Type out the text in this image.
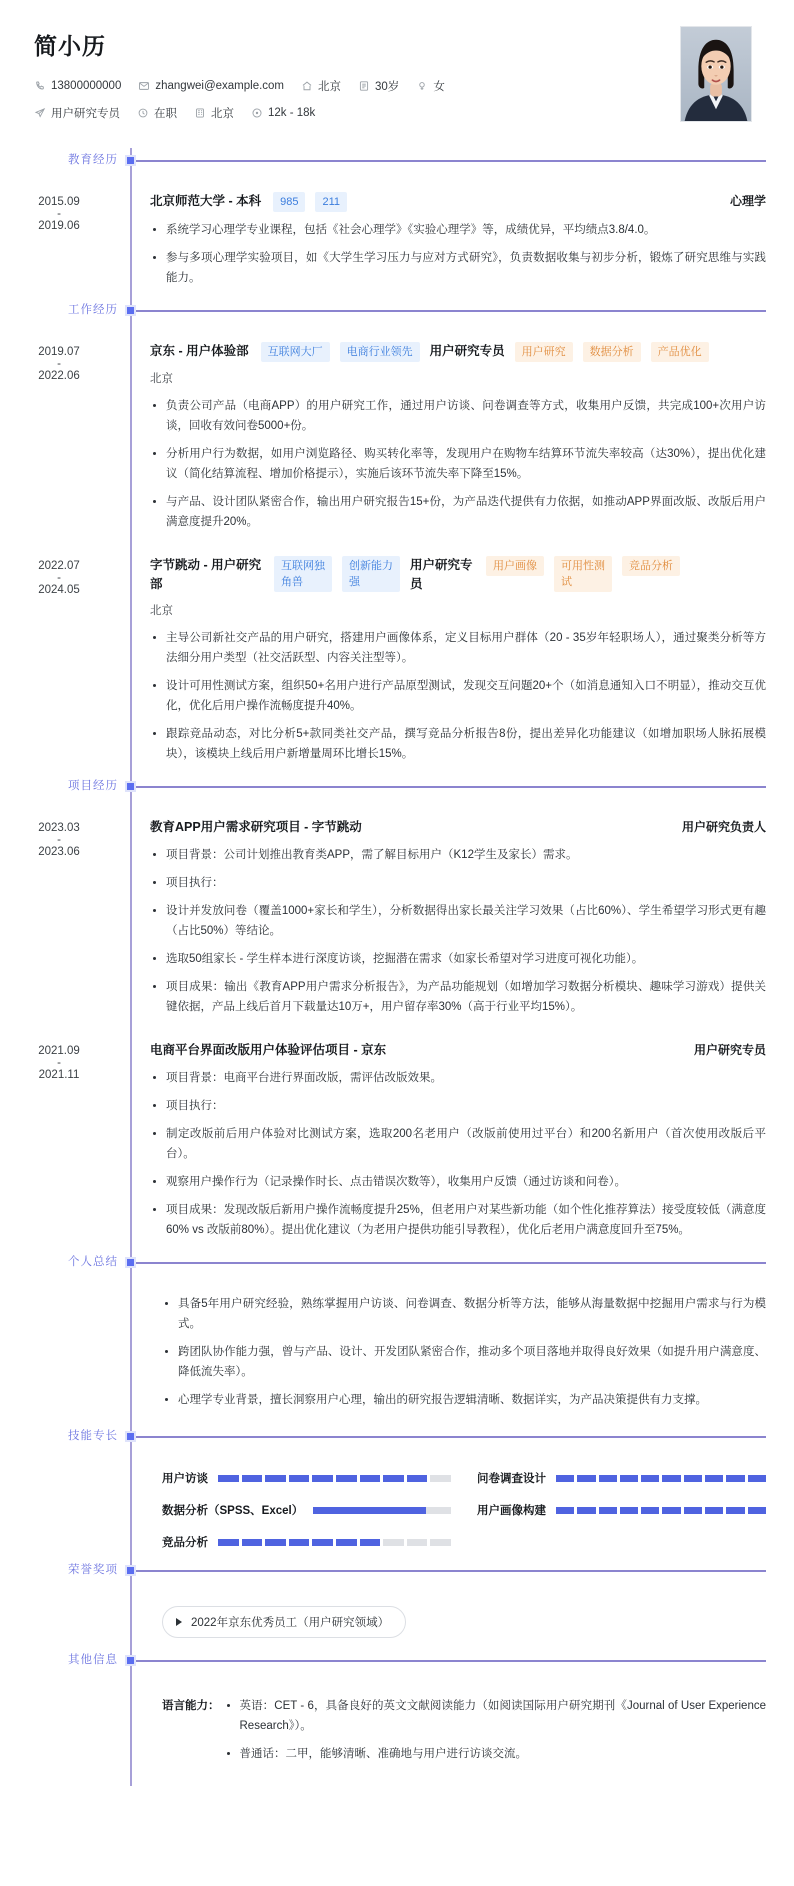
简小历
13800000000	zhangwei@example.com	北京	30岁	女
用户研究专员	在职	北京	12k - 18k
教育经历
2015.09
-
2019.06
北京师范大学 - 本科	985	211	心理学
系统学习心理学专业课程，包括《社会心理学》《实验心理学》等，成绩优异，平均绩点3.8/4.0。
参与多项心理学实验项目，如《大学生学习压力与应对方式研究》，负责数据收集与初步分析，锻炼了研究思维与实践能力。
工作经历
2019.07
-
2022.06
京东 - 用户体验部	互联网大厂	电商行业领先	用户研究专员	用户研究	数据分析	产品优化
北京
负责公司产品（电商APP）的用户研究工作，通过用户访谈、问卷调查等方式，收集用户反馈，共完成100+次用户访谈，回收有效问卷5000+份。
分析用户行为数据，如用户浏览路径、购买转化率等，发现用户在购物车结算环节流失率较高（达30%），提出优化建议（简化结算流程、增加价格提示），实施后该环节流失率下降至15%。
与产品、设计团队紧密合作，输出用户研究报告15+份，为产品迭代提供有力依据，如推动APP界面改版、改版后用户满意度提升20%。
2022.07
-
2024.05
字节跳动 - 用户研究部
互联网独角兽
创新能力强
用户研究专员
用户画像	可用性测试
竞品分析
北京
主导公司新社交产品的用户研究，搭建用户画像体系，定义目标用户群体（20 - 35岁年轻职场人），通过聚类分析等方法细分用户类型（社交活跃型、内容关注型等）。
设计可用性测试方案，组织50+名用户进行产品原型测试，发现交互问题20+个（如消息通知入口不明显），推动交互优化，优化后用户操作流畅度提升40%。
跟踪竞品动态，对比分析5+款同类社交产品，撰写竞品分析报告8份，提出差异化功能建议（如增加职场人脉拓展模块），该模块上线后用户新增量周环比增长15%。
项目经历
2023.03
-
2023.06
教育APP用户需求研究项目 - 字节跳动	用户研究负责人
项目背景：公司计划推出教育类APP，需了解目标用户（K12学生及家长）需求。
项目执行：
设计并发放问卷（覆盖1000+家长和学生），分析数据得出家长最关注学习效果（占比60%）、学生希望学习形式更有趣（占比50%）等结论。
选取50组家长 - 学生样本进行深度访谈，挖掘潜在需求（如家长希望对学习进度可视化功能）。
项目成果：输出《教育APP用户需求分析报告》，为产品功能规划（如增加学习数据分析模块、趣味学习游戏）提供关键依据，产品上线后首月下载量达10万+，用户留存率30%（高于行业平均15%）。
2021.09
-
2021.11
电商平台界面改版用户体验评估项目 - 京东	用户研究专员
项目背景：电商平台进行界面改版，需评估改版效果。
项目执行：
制定改版前后用户体验对比测试方案，选取200名老用户（改版前使用过平台）和200名新用户（首次使用改版后平台）。
观察用户操作行为（记录操作时长、点击错误次数等），收集用户反馈（通过访谈和问卷）。
项目成果：发现改版后新用户操作流畅度提升25%，但老用户对某些新功能（如个性化推荐算法）接受度较低（满意度60% vs 改版前80%）。提出优化建议（为老用户提供功能引导教程），优化后老用户满意度回升至75%。
个人总结
具备5年用户研究经验，熟练掌握用户访谈、问卷调查、数据分析等方法，能够从海量数据中挖掘用户需求与行为模式。
跨团队协作能力强，曾与产品、设计、开发团队紧密合作，推动多个项目落地并取得良好效果（如提升用户满意度、降低流失率）。
心理学专业背景，擅长洞察用户心理，输出的研究报告逻辑清晰、数据详实，为产品决策提供有力支撑。
技能专长
用户访谈	问卷调查设计
数据分析（SPSS、Excel）	用户画像构建
竞品分析
荣誉奖项
2022年京东优秀员工（用户研究领域）
其他信息
语言能力：	英语：CET - 6，具备良好的英文文献阅读能力（如阅读国际用户研究期刊《Journal of User Experience Research》）。
普通话：二甲，能够清晰、准确地与用户进行访谈交流。
